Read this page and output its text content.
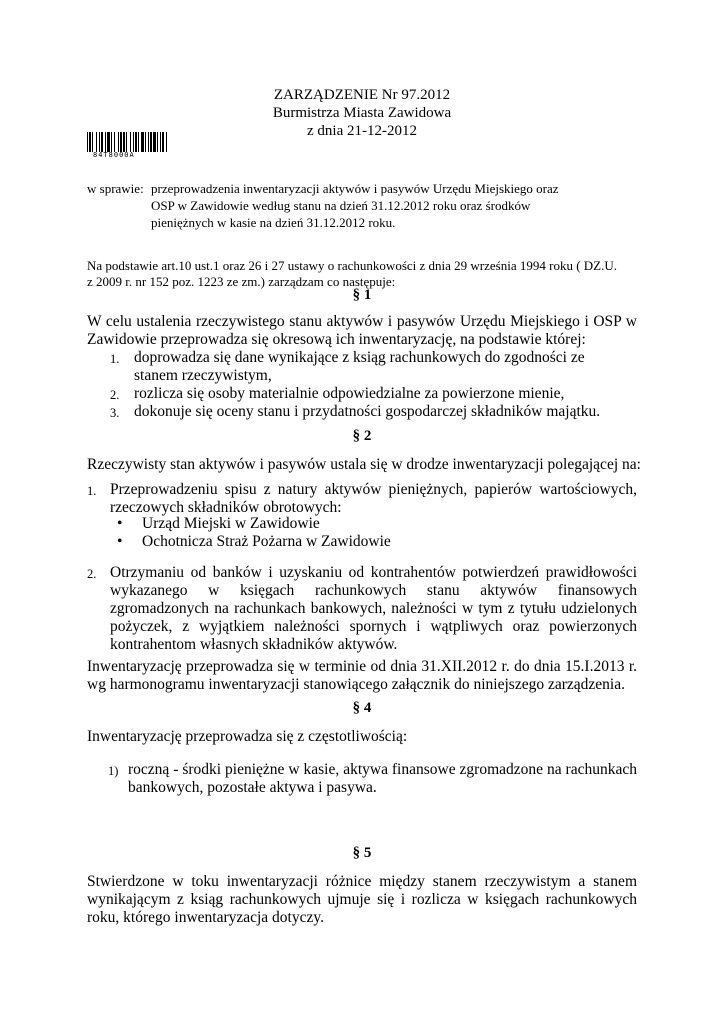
ZARZĄDZENIE Nr 97.2012
Burmistrza Miasta Zawidowa
z dnia 21-12-2012
84T8000A
w sprawie: przeprowadzenia inwentaryzacji aktywów i pasywów Urzędu Miejskiego oraz
OSP w Zawidowie według stanu na dzień 31.12.2012 roku oraz środków
pieniężnych w kasie na dzień 31.12.2012 roku.
Na podstawie art.10 ust.1 oraz 26 i 27 ustawy o rachunkowości z dnia 29 września 1994 roku ( DZ.U.
z 2009 r. nr 152 poz. 1223 ze zm.) zarządzam co następuje:
§ 1
W celu ustalenia rzeczywistego stanu aktywów i pasywów Urzędu Miejskiego i OSP w Zawidowie przeprowadza się okresową ich inwentaryzację, na podstawie której:
1. doprowadza się dane wynikające z ksiąg rachunkowych do zgodności ze stanem rzeczywistym,
2. rozlicza się osoby materialnie odpowiedzialne za powierzone mienie,
3. dokonuje się oceny stanu i przydatności gospodarczej składników majątku.
§ 2
Rzeczywisty stan aktywów i pasywów ustala się w drodze inwentaryzacji polegającej na:
1. Przeprowadzeniu spisu z natury aktywów pieniężnych, papierów wartościowych, rzeczowych składników obrotowych:
• Urząd Miejski w Zawidowie
• Ochotnicza Straż Pożarna w Zawidowie
2. Otrzymaniu od banków i uzyskaniu od kontrahentów potwierdzeń prawidłowości wykazanego w księgach rachunkowych stanu aktywów finansowych zgromadzonych na rachunkach bankowych, należności w tym z tytułu udzielonych pożyczek, z wyjątkiem należności spornych i wątpliwych oraz powierzonych kontrahentom własnych składników aktywów.
Inwentaryzację przeprowadza się w terminie od dnia 31.XII.2012 r. do dnia 15.I.2013 r. wg harmonogramu inwentaryzacji stanowiącego załącznik do niniejszego zarządzenia.
§ 4
Inwentaryzację przeprowadza się z częstotliwością:
1) roczną - środki pieniężne w kasie, aktywa finansowe zgromadzone na rachunkach bankowych, pozostałe aktywa i pasywa.
§ 5
Stwierdzone w toku inwentaryzacji różnice między stanem rzeczywistym a stanem wynikającym z ksiąg rachunkowych ujmuje się i rozlicza w księgach rachunkowych roku, którego inwentaryzacja dotyczy.
